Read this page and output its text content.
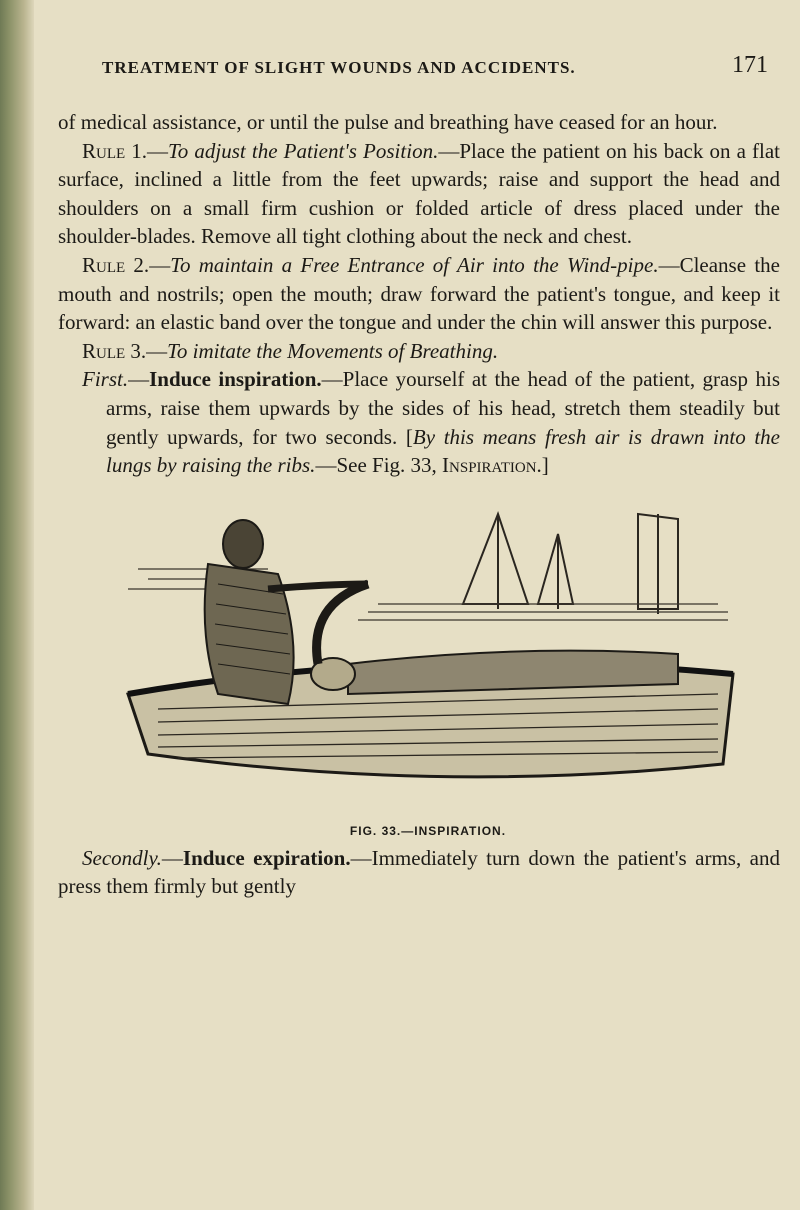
TREATMENT OF SLIGHT WOUNDS AND ACCIDENTS.	171

of medical assistance, or until the pulse and breathing have ceased for an hour.

Rule 1.—To adjust the Patient's Position.—Place the patient on his back on a flat surface, inclined a little from the feet upwards; raise and support the head and shoulders on a small firm cushion or folded article of dress placed under the shoulder-blades. Remove all tight clothing about the neck and chest.

Rule 2.—To maintain a Free Entrance of Air into the Wind-pipe.—Cleanse the mouth and nostrils; open the mouth; draw forward the patient's tongue, and keep it forward: an elastic band over the tongue and under the chin will answer this purpose.

Rule 3.—To imitate the Movements of Breathing.

First.—Induce inspiration.—Place yourself at the head of the patient, grasp his arms, raise them upwards by the sides of his head, stretch them steadily but gently upwards, for two seconds. [By this means fresh air is drawn into the lungs by raising the ribs.—See Fig. 33, Inspiration.]

FIG. 33.—INSPIRATION.

Secondly.—Induce expiration.—Immediately turn down the patient's arms, and press them firmly but gently
